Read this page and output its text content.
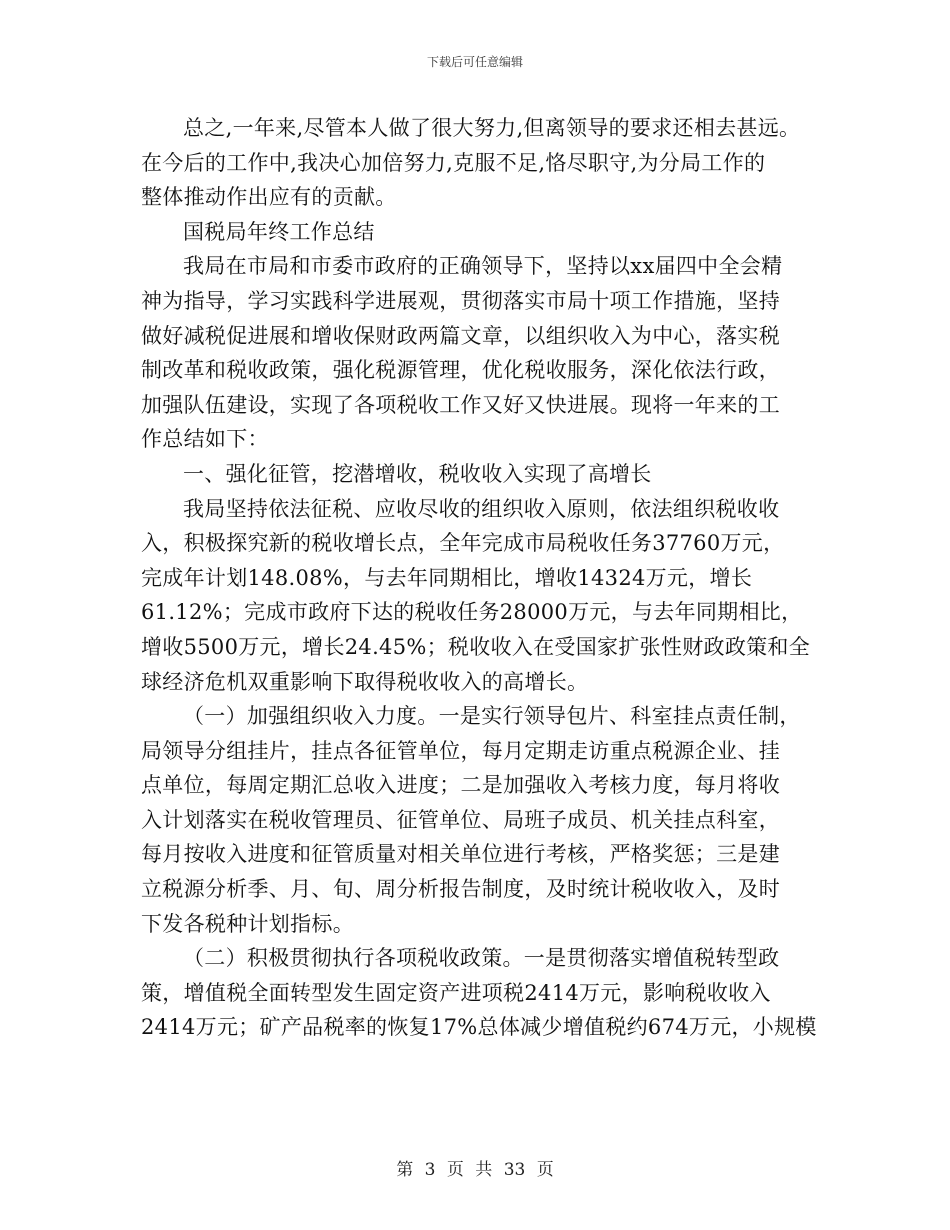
下载后可任意编辑
总之,一年来,尽管本人做了很大努力,但离领导的要求还相去甚远。
在今后的工作中,我决心加倍努力,克服不足,恪尽职守,为分局工作的
整体推动作出应有的贡献。
国税局年终工作总结
我局在市局和市委市政府的正确领导下，坚持以xx届四中全会精
神为指导，学习实践科学进展观，贯彻落实市局十项工作措施，坚持
做好减税促进展和增收保财政两篇文章，以组织收入为中心，落实税
制改革和税收政策，强化税源管理，优化税收服务，深化依法行政，
加强队伍建设，实现了各项税收工作又好又快进展。现将一年来的工
作总结如下：
一、强化征管，挖潜增收，税收收入实现了高增长
我局坚持依法征税、应收尽收的组织收入原则，依法组织税收收
入，积极探究新的税收增长点，全年完成市局税收任务37760万元，
完成年计划148.08%，与去年同期相比，增收14324万元，增长
61.12%；完成市政府下达的税收任务28000万元，与去年同期相比，
增收5500万元，增长24.45%；税收收入在受国家扩张性财政政策和全
球经济危机双重影响下取得税收收入的高增长。
（一）加强组织收入力度。一是实行领导包片、科室挂点责任制，
局领导分组挂片，挂点各征管单位，每月定期走访重点税源企业、挂
点单位，每周定期汇总收入进度；二是加强收入考核力度，每月将收
入计划落实在税收管理员、征管单位、局班子成员、机关挂点科室，
每月按收入进度和征管质量对相关单位进行考核，严格奖惩；三是建
立税源分析季、月、旬、周分析报告制度，及时统计税收收入，及时
下发各税种计划指标。
（二）积极贯彻执行各项税收政策。一是贯彻落实增值税转型政
策，增值税全面转型发生固定资产进项税2414万元，影响税收收入
2414万元；矿产品税率的恢复17%总体减少增值税约674万元，小规模
第 3 页 共 33 页
